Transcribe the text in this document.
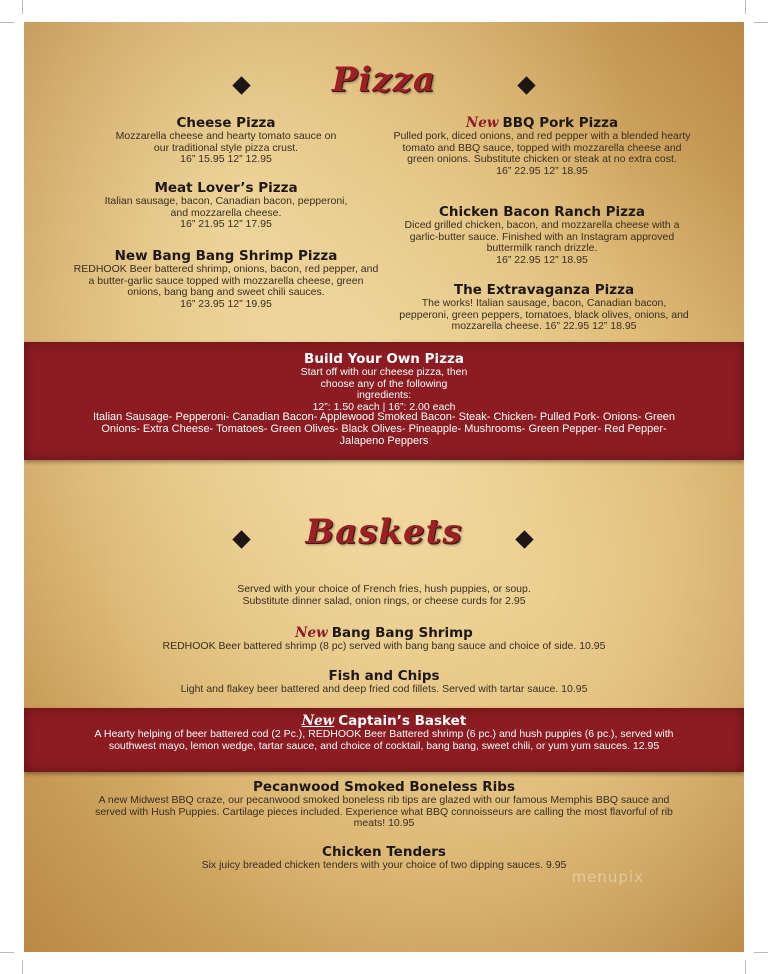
Pizza
Cheese Pizza

Mozzarella cheese and hearty tomato sauce on our traditional style pizza crust.

16” 15.95 12” 12.95

Meat Lover’s Pizza

Italian sausage, bacon, Canadian bacon, pepperoni, and mozzarella cheese.

16” 21.95 12” 17.95

New Bang Bang Shrimp Pizza

REDHOOK Beer battered shrimp, onions, bacon, red pepper, and a butter-garlic sauce topped with mozzarella cheese, green onions, bang bang and sweet chili sauces.

16” 23.95 12” 19.95

New BBQ Pork Pizza

Pulled pork, diced onions, and red pepper with a blended hearty tomato and BBQ sauce, topped with mozzarella cheese and green onions. Substitute chicken or steak at no extra cost.

16” 22.95 12” 18.95

Chicken Bacon Ranch Pizza

Diced grilled chicken, bacon, and mozzarella cheese with a garlic-butter sauce. Finished with an Instagram approved buttermilk ranch drizzle.

16” 22.95 12” 18.95

The Extravaganza Pizza

The works! Italian sausage, bacon, Canadian bacon, pepperoni, green peppers, tomatoes, black olives, onions, and mozzarella cheese. 16” 22.95 12” 18.95

Build Your Own Pizza

Start off with our cheese pizza, then choose any of the following ingredients:

12”: 1.50 each | 16”: 2.00 each

Italian Sausage- Pepperoni- Canadian Bacon- Applewood Smoked Bacon- Steak- Chicken- Pulled Pork- Onions- Green Onions- Extra Cheese- Tomatoes- Green Olives- Black Olives- Pineapple- Mushrooms- Green Pepper- Red Pepper- Jalapeno Peppers

Baskets

Served with your choice of French fries, hush puppies, or soup.

Substitute dinner salad, onion rings, or cheese curds for 2.95

New Bang Bang Shrimp

REDHOOK Beer battered shrimp (8 pc) served with bang bang sauce and choice of side. 10.95

Fish and Chips

Light and flakey beer battered and deep fried cod fillets. Served with tartar sauce. 10.95

New Captain’s Basket

A Hearty helping of beer battered cod (2 Pc.), REDHOOK Beer Battered shrimp (6 pc.) and hush puppies (6 pc.), served with southwest mayo, lemon wedge, tartar sauce, and choice of cocktail, bang bang, sweet chili, or yum yum sauces. 12.95

Pecanwood Smoked Boneless Ribs

A new Midwest BBQ craze, our pecanwood smoked boneless rib tips are glazed with our famous Memphis BBQ sauce and served with Hush Puppies. Cartilage pieces included. Experience what BBQ connoisseurs are calling the most flavorful of rib meats! 10.95

Chicken Tenders

Six juicy breaded chicken tenders with your choice of two dipping sauces. 9.95

menupix
